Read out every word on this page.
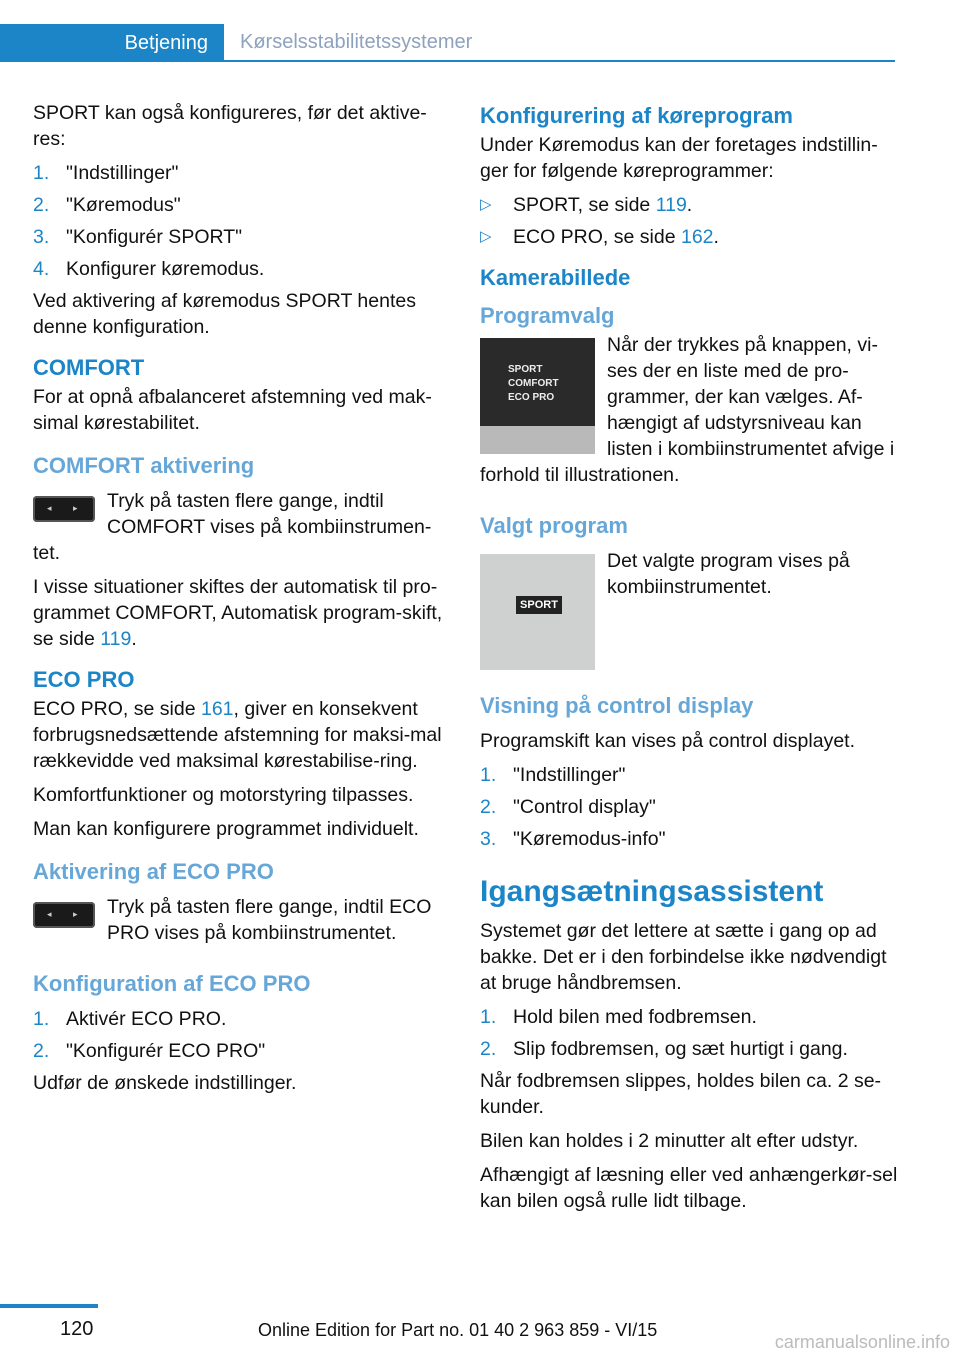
Betjening	Kørselsstabilitetssystemer

SPORT kan også konfigureres, før det aktive-res:

1. "Indstillinger"
2. "Køremodus"
3. "Konfigurér SPORT"
4. Konfigurer køremodus.

Ved aktivering af køremodus SPORT hentes denne konfiguration.

COMFORT

For at opnå afbalanceret afstemning ved mak-simal kørestabilitet.

COMFORT aktivering
◂ ▸	Tryk på tasten flere gange, indtil COMFORT vises på kombiinstrumen-tet.

I visse situationer skiftes der automatisk til pro-grammet COMFORT, Automatisk program-skift, se side 119.

ECO PRO

ECO PRO, se side 161, giver en konsekvent forbrugsnedsættende afstemning for maksi-mal rækkevidde ved maksimal kørestabilise-ring.

Komfortfunktioner og motorstyring tilpasses.

Man kan konfigurere programmet individuelt.

Aktivering af ECO PRO
◂ ▸	Tryk på tasten flere gange, indtil ECO PRO vises på kombiinstrumentet.

Konfiguration af ECO PRO
1. Aktivér ECO PRO.
2. "Konfigurér ECO PRO"

Udfør de ønskede indstillinger.

Konfigurering af køreprogram

Under Køremodus kan der foretages indstillin-ger for følgende køreprogrammer:

▷	SPORT, se side 119.
▷	ECO PRO, se side 162.
Kamerabillede
Programvalg
SPORT
COMFORT
ECO PRO

Når der trykkes på knappen, vi-ses der en liste med de pro-grammer, der kan vælges. Af-hængigt af udstyrsniveau kan listen i kombiinstrumentet afvige i forhold til illustrationen.

Valgt program
SPORT

Det valgte program vises på kombiinstrumentet.

Visning på control display

Programskift kan vises på control displayet.

1. "Indstillinger"
2. "Control display"
3. "Køremodus-info"
Igangsætningsassistent

Systemet gør det lettere at sætte i gang op ad bakke. Det er i den forbindelse ikke nødvendigt at bruge håndbremsen.

1. Hold bilen med fodbremsen.
2. Slip fodbremsen, og sæt hurtigt i gang.

Når fodbremsen slippes, holdes bilen ca. 2 se-kunder.

Bilen kan holdes i 2 minutter alt efter udstyr.

Afhængigt af læsning eller ved anhængerkør-sel kan bilen også rulle lidt tilbage.

120	Online Edition for Part no. 01 40 2 963 859 - VI/15
carmanualsonline.info
